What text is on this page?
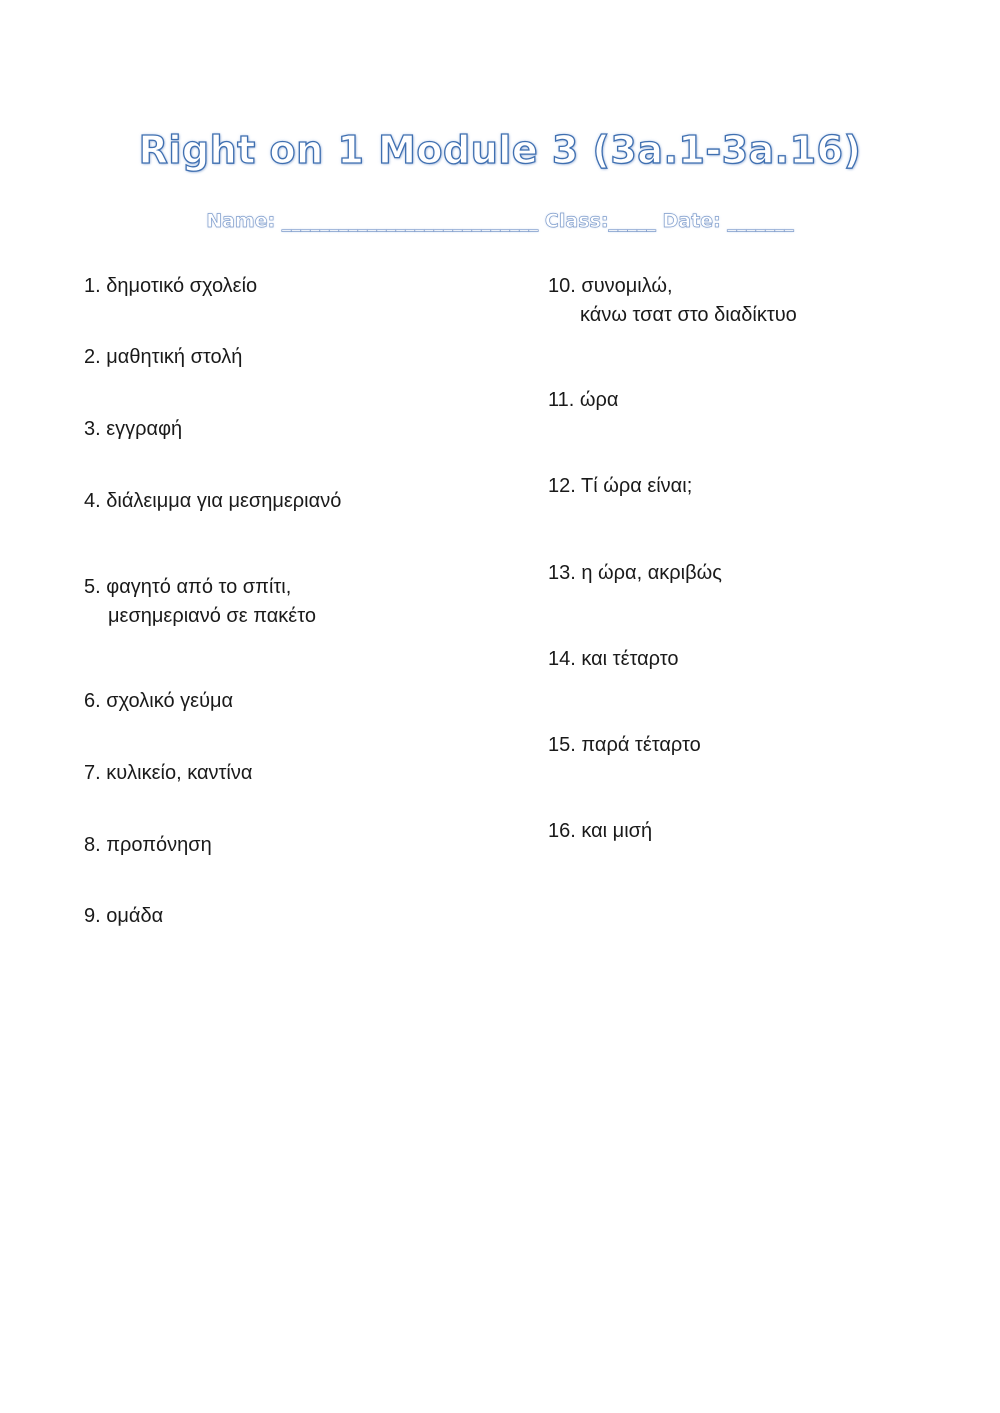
Right on 1 Module 3 (3a.1-3a.16)
Name: ___________________________ Class:_____ Date: _______
1. δημοτικό σχολείο
2. μαθητική στολή
3. εγγραφή
4. διάλειμμα για μεσημεριανό
5. φαγητό από το σπίτι,
μεσημεριανό σε πακέτο
6. σχολικό γεύμα
7. κυλικείο, καντίνα
8. προπόνηση
9. ομάδα
10. συνομιλώ,
κάνω τσατ στο διαδίκτυο
11. ώρα
12. Τί ώρα είναι;
13. η ώρα, ακριβώς
14. και τέταρτο
15. παρά τέταρτο
16. και μισή
